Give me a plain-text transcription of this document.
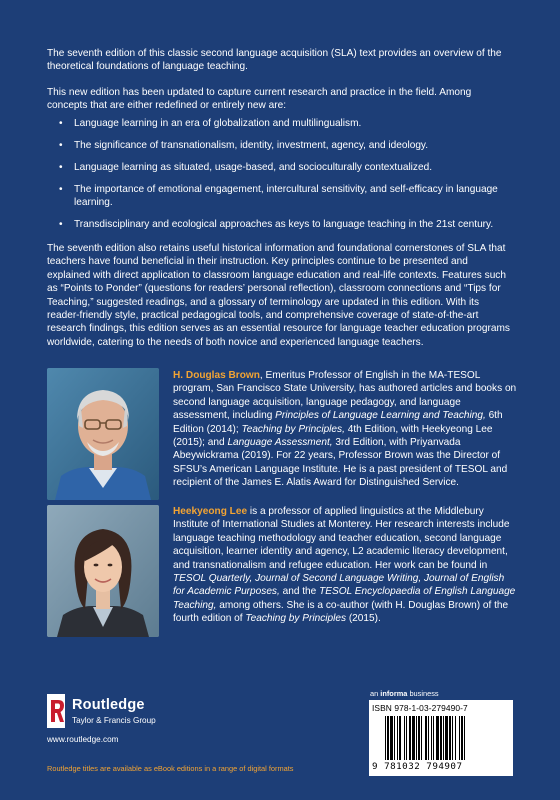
The seventh edition of this classic second language acquisition (SLA) text provides an overview of the theoretical foundations of language teaching.

This new edition has been updated to capture current research and practice in the field. Among concepts that are either redefined or entirely new are:

• Language learning in an era of globalization and multilingualism.
• The significance of transnationalism, identity, investment, agency, and ideology.
• Language learning as situated, usage-based, and socioculturally contextualized.
• The importance of emotional engagement, intercultural sensitivity, and self-efficacy in language learning.
• Transdisciplinary and ecological approaches as keys to language teaching in the 21st century.

The seventh edition also retains useful historical information and foundational cornerstones of SLA that teachers have found beneficial in their instruction. Key principles continue to be presented and explained with direct application to classroom language education and real-life contexts. Features such as “Points to Ponder” (questions for readers’ personal reflection), classroom connections and “Tips for Teaching,” suggested readings, and a glossary of terminology are updated in this edition. With its reader-friendly style, practical pedagogical tools, and comprehensive coverage of state-of-the-art research findings, this edition serves as an essential resource for language teacher education programs worldwide, catering to the needs of both novice and experienced language teachers.

H. Douglas Brown, Emeritus Professor of English in the MA-TESOL program, San Francisco State University, has authored articles and books on second language acquisition, language pedagogy, and language assessment, including Principles of Language Learning and Teaching, 6th Edition (2014); Teaching by Principles, 4th Edition, with Heekyeong Lee (2015); and Language Assessment, 3rd Edition, with Priyanvada Abeywickrama (2019). For 22 years, Professor Brown was the Director of SFSU’s American Language Institute. He is a past president of TESOL and recipient of the James E. Alatis Award for Distinguished Service.
Heekyeong Lee is a professor of applied linguistics at the Middlebury Institute of International Studies at Monterey. Her research interests include language teaching methodology and teacher education, second language acquisition, learner identity and agency, L2 academic literacy development, and transnationalism and refugee education. Her work can be found in TESOL Quarterly, Journal of Second Language Writing, Journal of English for Academic Purposes, and the TESOL Encyclopaedia of English Language Teaching, among others. She is a co-author (with H. Douglas Brown) of the fourth edition of Teaching by Principles (2015).
Routledge
Taylor & Francis Group
www.routledge.com
Routledge titles are available as eBook editions in a range of digital formats
an informa business
ISBN 978-1-03-279490-7
9 781032 794907
